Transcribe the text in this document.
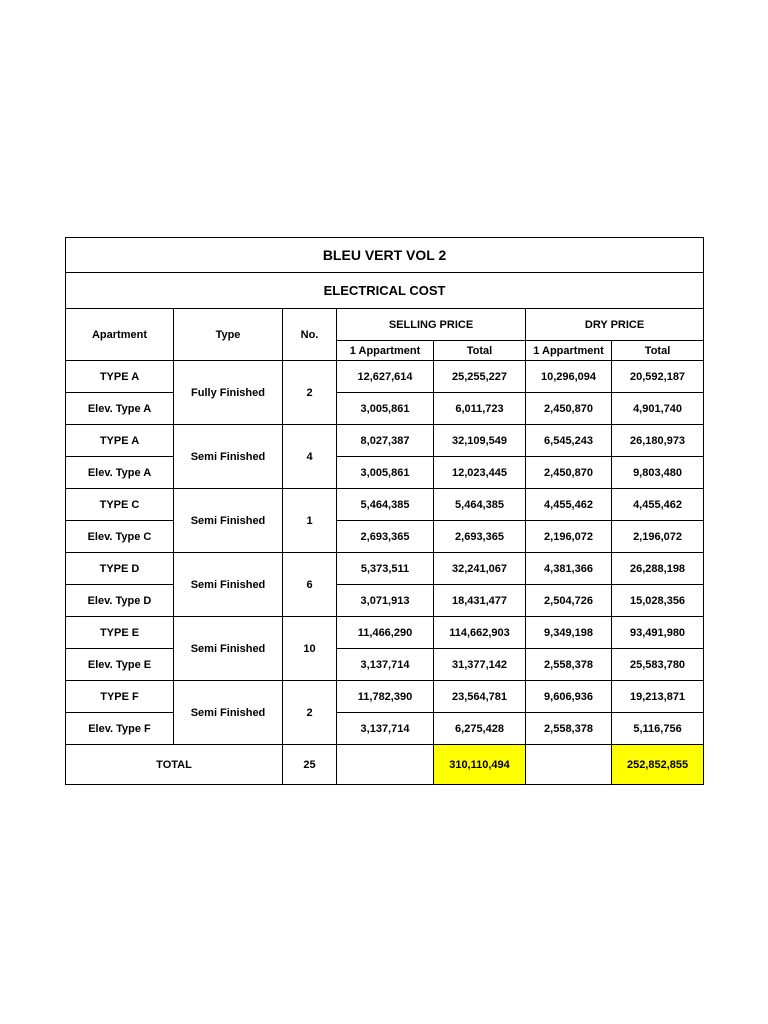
BLEU VERT VOL 2						
ELECTRICAL COST						
Apartment	Type	No.	SELLING PRICE		DRY PRICE	
			1 Appartment	Total	1 Appartment	Total
TYPE A	Fully Finished	2	12,627,614	25,255,227	10,296,094	20,592,187
Elev. Type A			3,005,861	6,011,723	2,450,870	4,901,740
TYPE A	Semi Finished	4	8,027,387	32,109,549	6,545,243	26,180,973
Elev. Type A			3,005,861	12,023,445	2,450,870	9,803,480
TYPE C	Semi Finished	1	5,464,385	5,464,385	4,455,462	4,455,462
Elev. Type C			2,693,365	2,693,365	2,196,072	2,196,072
TYPE D	Semi Finished	6	5,373,511	32,241,067	4,381,366	26,288,198
Elev. Type D			3,071,913	18,431,477	2,504,726	15,028,356
TYPE E	Semi Finished	10	11,466,290	114,662,903	9,349,198	93,491,980
Elev. Type E			3,137,714	31,377,142	2,558,378	25,583,780
TYPE F	Semi Finished	2	11,782,390	23,564,781	9,606,936	19,213,871
Elev. Type F			3,137,714	6,275,428	2,558,378	5,116,756
TOTAL		25		310,110,494		252,852,855
